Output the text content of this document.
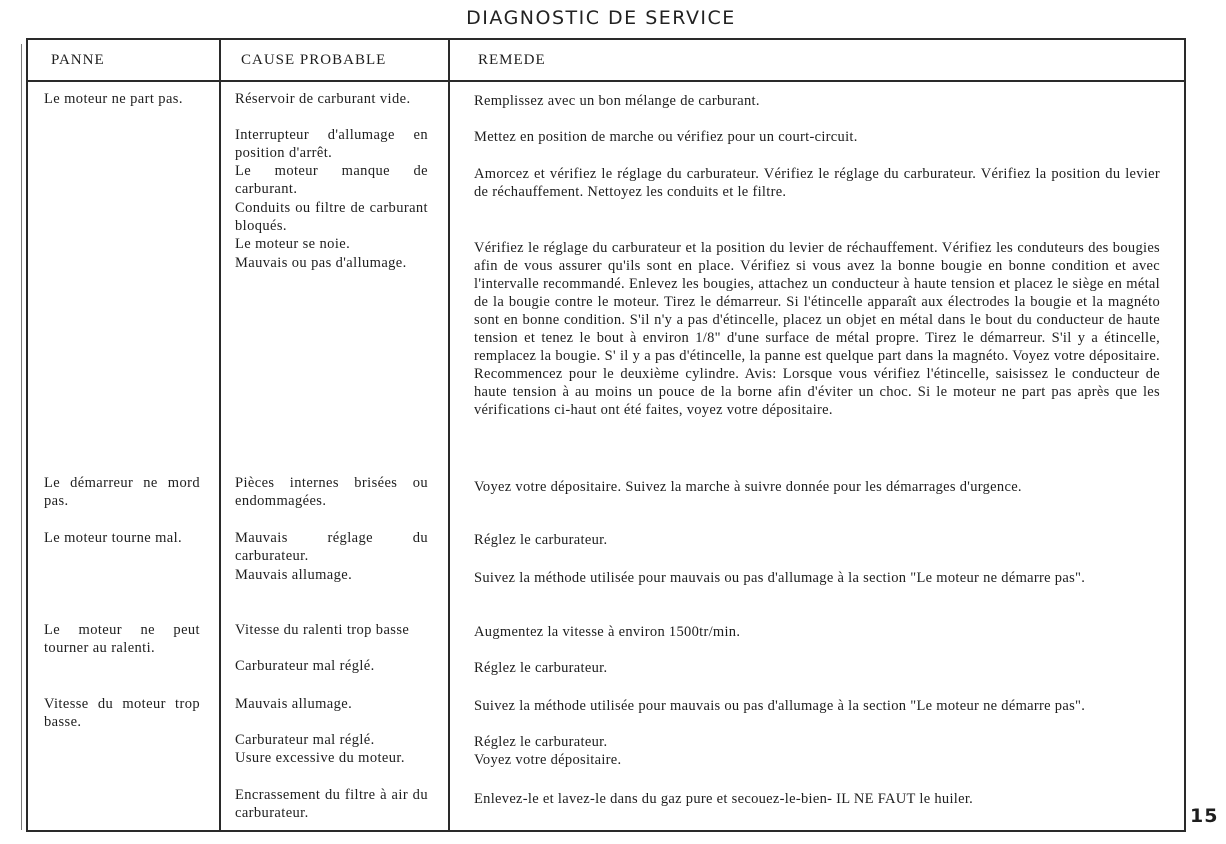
DIAGNOSTIC DE SERVICE
PANNE	CAUSE PROBABLE	REMEDE
Le moteur ne part pas.
Le démarreur ne mord pas.
Le moteur tourne mal.
Le moteur ne peut tourner au ralenti.
Vitesse du moteur trop basse.
Réservoir de carburant vide.
Interrupteur d'allumage en position d'arrêt.
Le moteur manque de carburant.
Conduits ou filtre de carburant bloqués.
Le moteur se noie.
Mauvais ou pas d'allumage.
Pièces internes brisées ou endommagées.
Mauvais réglage du carburateur.
Mauvais allumage.
Vitesse du ralenti trop basse
Carburateur mal réglé.
Mauvais allumage.
Carburateur mal réglé.
Usure excessive du moteur.
Encrassement du filtre à air du carburateur.
Remplissez avec un bon mélange de carburant.
Mettez en position de marche ou vérifiez pour un court-circuit.
Amorcez et vérifiez le réglage du carburateur. Vérifiez le réglage du carburateur. Vérifiez la position du levier de réchauffement. Nettoyez les conduits et le filtre.
Vérifiez le réglage du carburateur et la position du levier de réchauffement. Vérifiez les conduteurs des bougies afin de vous assurer qu'ils sont en place. Vérifiez si vous avez la bonne bougie en bonne condition et avec l'intervalle recommandé. Enlevez les bougies, attachez un conducteur à haute tension et placez le siège en métal de la bougie contre le moteur. Tirez le démarreur. Si l'étincelle apparaît aux électrodes la bougie et la magnéto sont en bonne condition. S'il n'y a pas d'étincelle, placez un objet en métal dans le bout du conducteur de haute tension et tenez le bout à environ 1/8" d'une surface de métal propre. Tirez le démarreur. S'il y a étincelle, remplacez la bougie. S' il y a pas d'étincelle, la panne est quelque part dans la magnéto. Voyez votre dépositaire. Recommencez pour le deuxième cylindre. Avis: Lorsque vous vérifiez l'étincelle, saisissez le conducteur de haute tension à au moins un pouce de la borne afin d'éviter un choc. Si le moteur ne part pas après que les vérifications ci-haut ont été faites, voyez votre dépositaire.
Voyez votre dépositaire. Suivez la marche à suivre donnée pour les démarrages d'urgence.
Réglez le carburateur.
Suivez la méthode utilisée pour mauvais ou pas d'allumage à la section "Le moteur ne démarre pas".
Augmentez la vitesse à environ 1500tr/min.
Réglez le carburateur.
Suivez la méthode utilisée pour mauvais ou pas d'allumage à la section "Le moteur ne démarre pas".
Réglez le carburateur.
Voyez votre dépositaire.
Enlevez-le et lavez-le dans du gaz pure et secouez-le-bien- IL NE FAUT le huiler.
15
